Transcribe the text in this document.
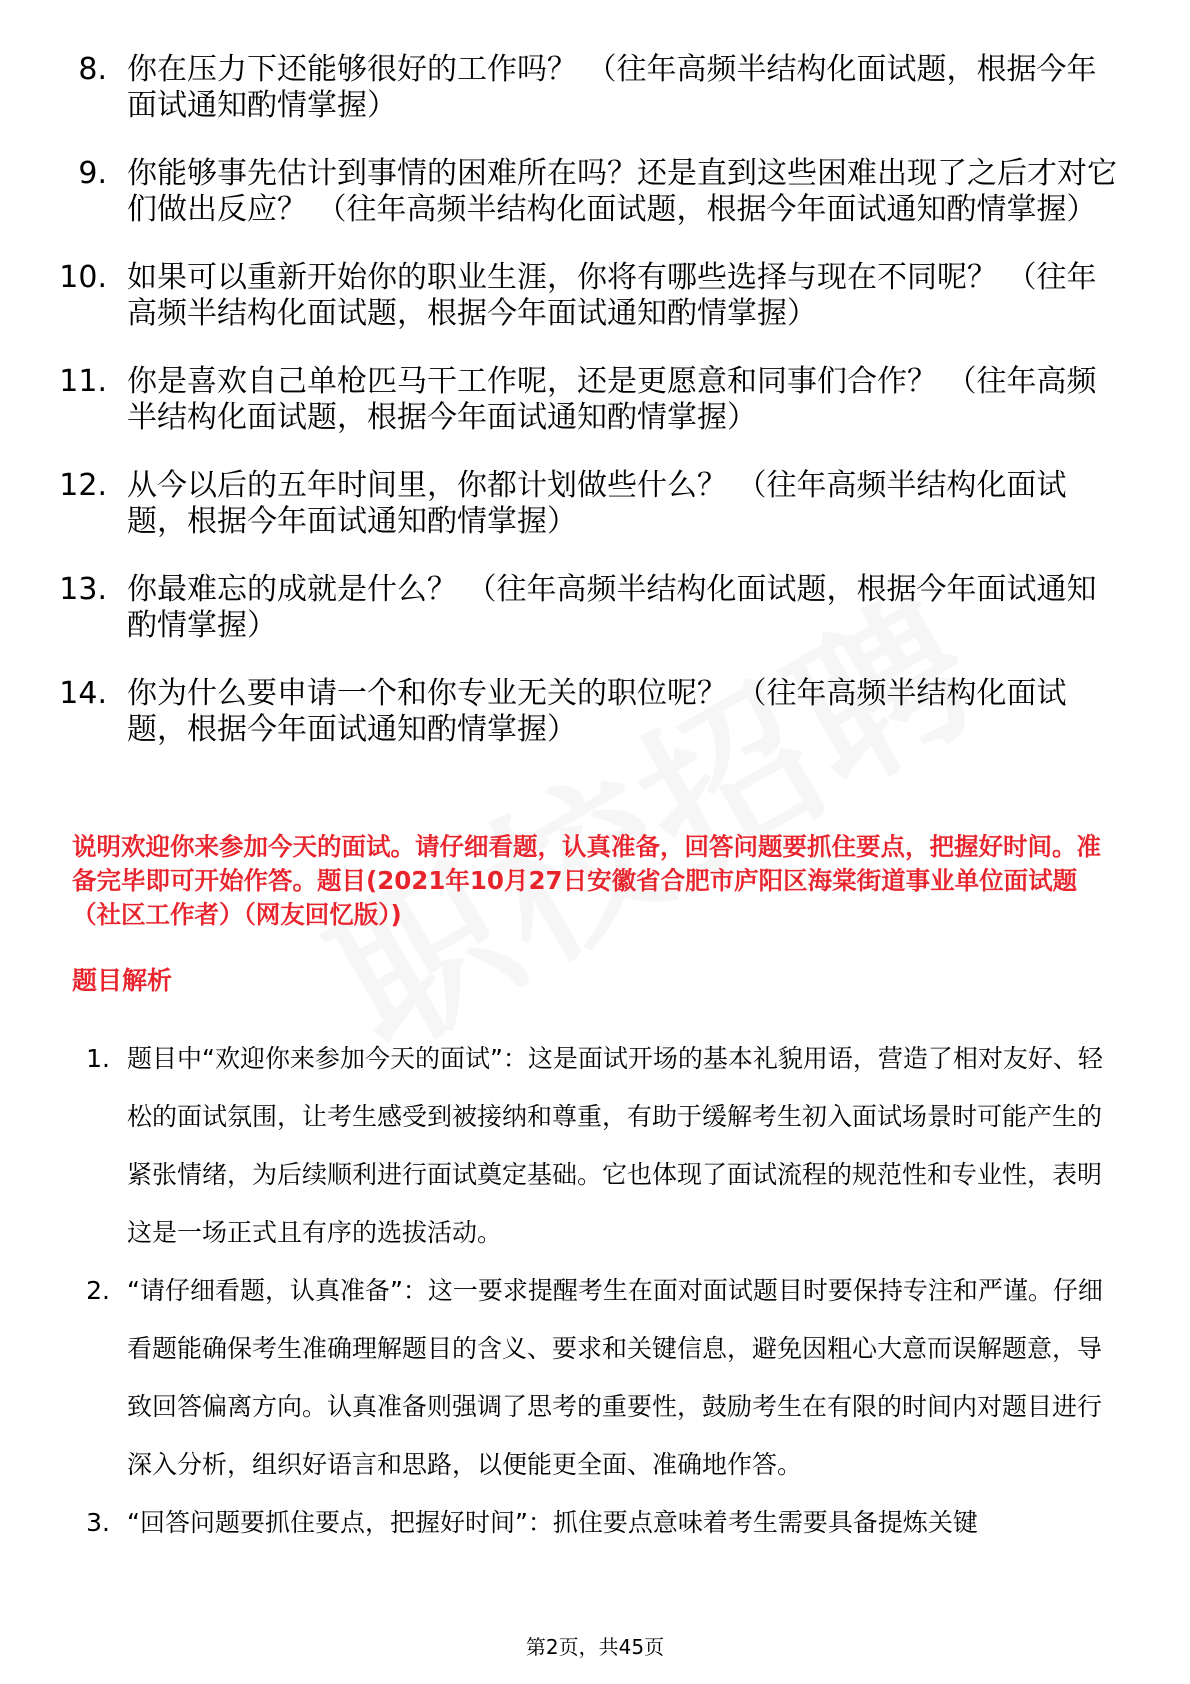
8. 你在压力下还能够很好的工作吗？ （往年高频半结构化面试题，根据今年面试通知酌情掌握）
9. 你能够事先估计到事情的困难所在吗？还是直到这些困难出现了之后才对它们做出反应？ （往年高频半结构化面试题，根据今年面试通知酌情掌握）
10. 如果可以重新开始你的职业生涯，你将有哪些选择与现在不同呢？ （往年高频半结构化面试题，根据今年面试通知酌情掌握）
11. 你是喜欢自己单枪匹马干工作呢，还是更愿意和同事们合作？ （往年高频半结构化面试题，根据今年面试通知酌情掌握）
12. 从今以后的五年时间里，你都计划做些什么？ （往年高频半结构化面试题，根据今年面试通知酌情掌握）
13. 你最难忘的成就是什么？ （往年高频半结构化面试题，根据今年面试通知酌情掌握）
14. 你为什么要申请一个和你专业无关的职位呢？ （往年高频半结构化面试题，根据今年面试通知酌情掌握）

说明欢迎你来参加今天的面试。请仔细看题，认真准备，回答问题要抓住要点，把握好时间。准备完毕即可开始作答。题目(2021年10月27日安徽省合肥市庐阳区海棠街道事业单位面试题（社区工作者）（网友回忆版）)

题目解析

1. 题目中“欢迎你来参加今天的面试”：这是面试开场的基本礼貌用语，营造了相对友好、轻松的面试氛围，让考生感受到被接纳和尊重，有助于缓解考生初入面试场景时可能产生的紧张情绪，为后续顺利进行面试奠定基础。它也体现了面试流程的规范性和专业性，表明这是一场正式且有序的选拔活动。
2. “请仔细看题，认真准备”：这一要求提醒考生在面对面试题目时要保持专注和严谨。仔细看题能确保考生准确理解题目的含义、要求和关键信息，避免因粗心大意而误解题意，导致回答偏离方向。认真准备则强调了思考的重要性，鼓励考生在有限的时间内对题目进行深入分析，组织好语言和思路，以便能更全面、准确地作答。
3. “回答问题要抓住要点，把握好时间”：抓住要点意味着考生需要具备提炼关键
第2页，共45页
